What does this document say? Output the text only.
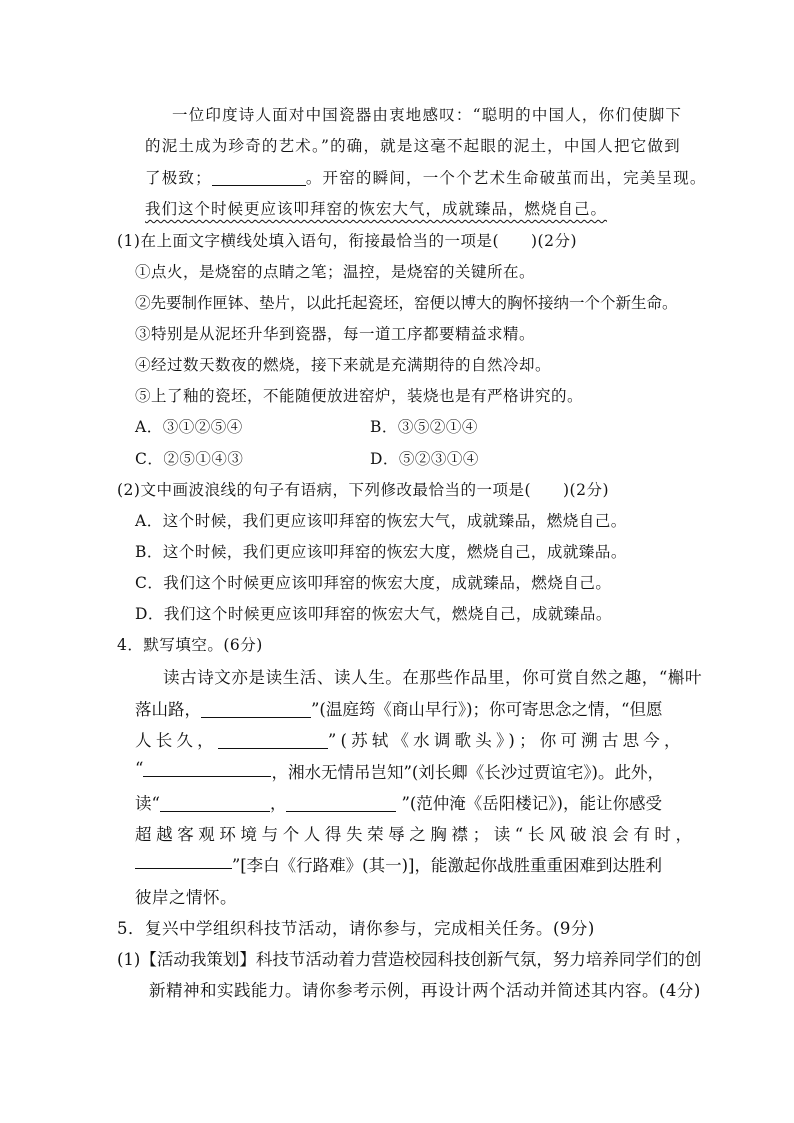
一位印度诗人面对中国瓷器由衷地感叹：“聪明的中国人，你们使脚下
的泥土成为珍奇的艺术。”的确，就是这毫不起眼的泥土，中国人把它做到
了极致；	。开窑的瞬间，一个个艺术生命破茧而出，完美呈现。
我们这个时候更应该叩拜窑的恢宏大气，成就臻品，燃烧自己。
(1)在上面文字横线处填入语句，衔接最恰当的一项是(　　)(2分)
①点火，是烧窑的点睛之笔；温控，是烧窑的关键所在。
②先要制作匣钵、垫片，以此托起瓷坯，窑便以博大的胸怀接纳一个个新生命。
③特别是从泥坯升华到瓷器，每一道工序都要精益求精。
④经过数天数夜的燃烧，接下来就是充满期待的自然冷却。
⑤上了釉的瓷坯，不能随便放进窑炉，装烧也是有严格讲究的。
A．③①②⑤④	B．③⑤②①④
C．②⑤①④③	D．⑤②③①④
(2)文中画波浪线的句子有语病，下列修改最恰当的一项是(　　)(2分)
A．这个时候，我们更应该叩拜窑的恢宏大气，成就臻品，燃烧自己。
B．这个时候，我们更应该叩拜窑的恢宏大度，燃烧自己，成就臻品。
C．我们这个时候更应该叩拜窑的恢宏大度，成就臻品，燃烧自己。
D．我们这个时候更应该叩拜窑的恢宏大气，燃烧自己，成就臻品。
4．默写填空。(6分)
读古诗文亦是读生活、读人生。在那些作品里，你可赏自然之趣，“槲叶
落山路，	”(温庭筠《商山早行》)；你可寄思念之情，“但愿
人长久，	”(苏轼《水调歌头》)；你可溯古思今，
“	，湘水无情吊岂知”(刘长卿《长沙过贾谊宅》)。此外，
读“	，	”(范仲淹《岳阳楼记》)，能让你感受
超越客观环境与个人得失荣辱之胸襟；读“长风破浪会有时，
”[李白《行路难》(其一)]，能激起你战胜重重困难到达胜利
彼岸之情怀。
5．复兴中学组织科技节活动，请你参与，完成相关任务。(9分)
(1)【活动我策划】科技节活动着力营造校园科技创新气氛，努力培养同学们的创
新精神和实践能力。请你参考示例，再设计两个活动并简述其内容。(4分)
